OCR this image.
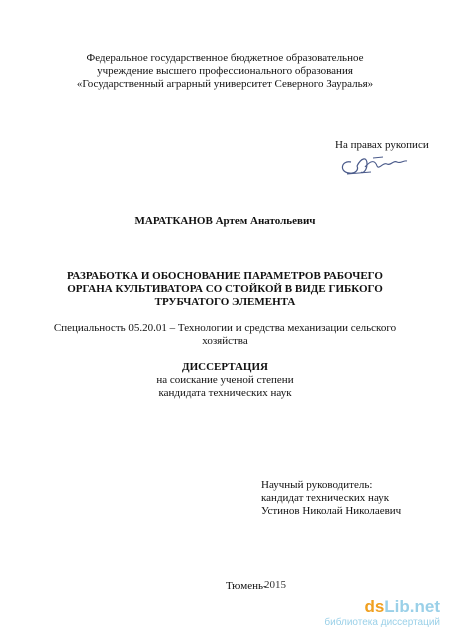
Федеральное государственное бюджетное образовательное
учреждение высшего профессионального образования
«Государственный аграрный университет Северного Зауралья»
На правах рукописи
МАРАТКАНОВ Артем Анатольевич
РАЗРАБОТКА И ОБОСНОВАНИЕ ПАРАМЕТРОВ РАБОЧЕГО
ОРГАНА КУЛЬТИВАТОРА СО СТОЙКОЙ В ВИДЕ ГИБКОГО
ТРУБЧАТОГО ЭЛЕМЕНТА
Специальность 05.20.01 – Технологии и средства механизации сельского
хозяйства
ДИССЕРТАЦИЯ
на соискание ученой степени
кандидата технических наук
Научный руководитель:
кандидат технических наук
Устинов Николай Николаевич
Тюмень-
2015
dsLib.net
библиотека диссертаций
